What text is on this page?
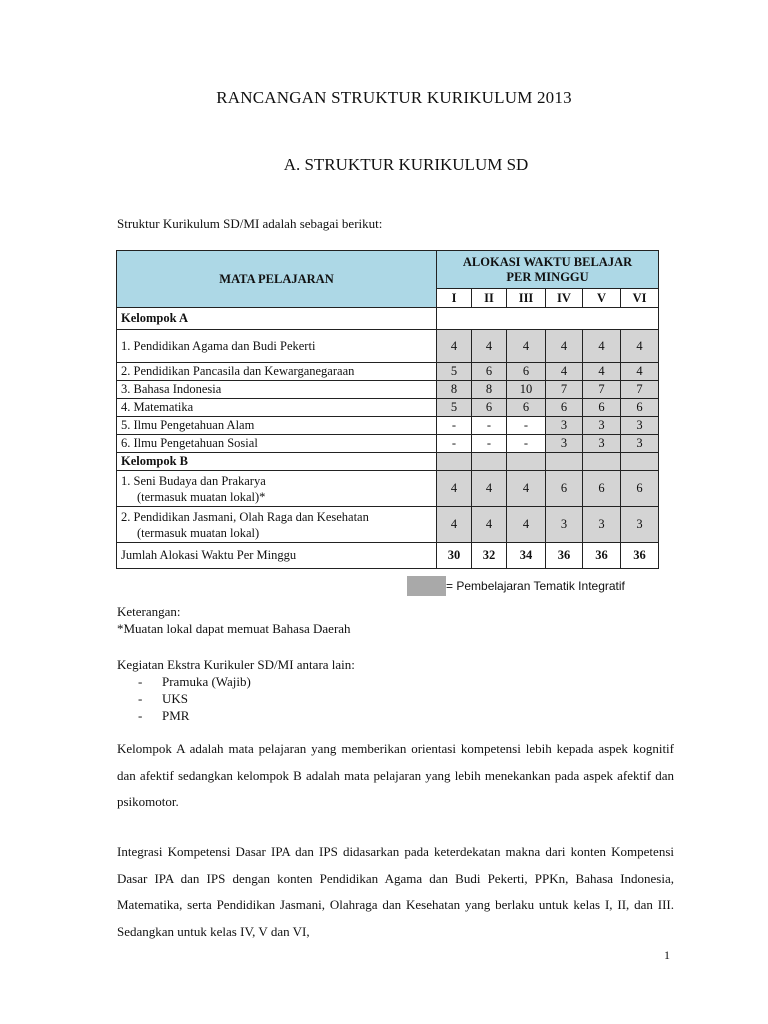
RANCANGAN STRUKTUR KURIKULUM 2013
A. STRUKTUR KURIKULUM SD
Struktur Kurikulum SD/MI adalah sebagai berikut:
MATA PELAJARAN	ALOKASI WAKTU BELAJAR
PER MINGGU					
	I	II	III	IV	V	VI
Kelompok A						
1. Pendidikan Agama dan Budi Pekerti	4	4	4	4	4	4
2. Pendidikan Pancasila dan Kewarganegaraan	5	6	6	4	4	4
3. Bahasa Indonesia	8	8	10	7	7	7
4. Matematika	5	6	6	6	6	6
5. Ilmu Pengetahuan Alam	-	-	-	3	3	3
6. Ilmu Pengetahuan Sosial	-	-	-	3	3	3
Kelompok B						
1. Seni Budaya dan Prakarya
(termasuk muatan lokal)*	4	4	4	6	6	6
2. Pendidikan Jasmani, Olah Raga dan Kesehatan
(termasuk muatan lokal)	4	4	4	3	3	3
Jumlah Alokasi Waktu Per Minggu	30	32	34	36	36	36
= Pembelajaran Tematik Integratif
Keterangan:
*Muatan lokal dapat memuat Bahasa Daerah
Kegiatan Ekstra Kurikuler SD/MI antara lain:
-	Pramuka (Wajib)
-	UKS
-	PMR
Kelompok A adalah mata pelajaran yang memberikan orientasi kompetensi lebih kepada aspek kognitif dan afektif sedangkan kelompok B adalah mata pelajaran yang lebih menekankan pada aspek afektif dan psikomotor.
Integrasi Kompetensi Dasar IPA dan IPS didasarkan pada keterdekatan makna dari konten Kompetensi Dasar IPA dan IPS dengan konten Pendidikan Agama dan Budi Pekerti, PPKn, Bahasa Indonesia, Matematika, serta Pendidikan Jasmani, Olahraga dan Kesehatan yang berlaku untuk kelas I, II, dan III. Sedangkan untuk kelas IV, V dan VI,
1
